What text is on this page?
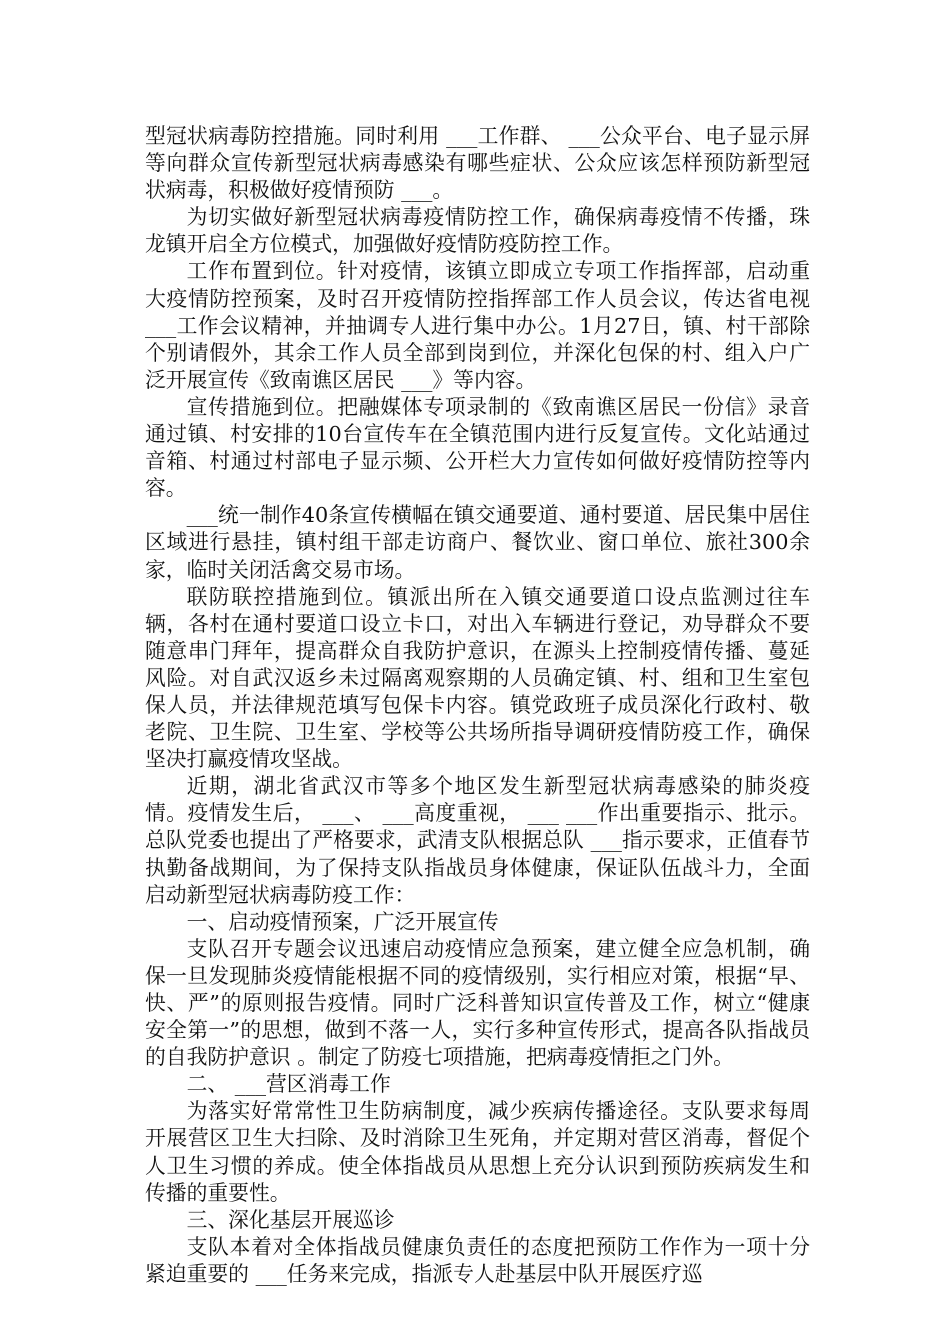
型冠状病毒防控措施。同时利用 ___工作群、 ___公众平台、电子显示屏等向群众宣传新型冠状病毒感染有哪些症状、公众应该怎样预防新型冠状病毒，积极做好疫情预防 ___。

为切实做好新型冠状病毒疫情防控工作，确保病毒疫情不传播，珠龙镇开启全方位模式，加强做好疫情防疫防控工作。

工作布置到位。针对疫情，该镇立即成立专项工作指挥部，启动重大疫情防控预案，及时召开疫情防控指挥部工作人员会议，传达省电视 ___工作会议精神，并抽调专人进行集中办公。1月27日，镇、村干部除个别请假外，其余工作人员全部到岗到位，并深化包保的村、组入户广泛开展宣传《致南谯区居民 ___》等内容。

宣传措施到位。把融媒体专项录制的《致南谯区居民一份信》录音通过镇、村安排的10台宣传车在全镇范围内进行反复宣传。文化站通过音箱、村通过村部电子显示频、公开栏大力宣传如何做好疫情防控等内容。

___统一制作40条宣传横幅在镇交通要道、通村要道、居民集中居住区域进行悬挂，镇村组干部走访商户、餐饮业、窗口单位、旅社300余家，临时关闭活禽交易市场。

联防联控措施到位。镇派出所在入镇交通要道口设点监测过往车辆，各村在通村要道口设立卡口，对出入车辆进行登记，劝导群众不要随意串门拜年，提高群众自我防护意识，在源头上控制疫情传播、蔓延风险。对自武汉返乡未过隔离观察期的人员确定镇、村、组和卫生室包保人员，并法律规范填写包保卡内容。镇党政班子成员深化行政村、敬老院、卫生院、卫生室、学校等公共场所指导调研疫情防疫工作，确保坚决打赢疫情攻坚战。

近期，湖北省武汉市等多个地区发生新型冠状病毒感染的肺炎疫情。疫情发生后， ___、 ___高度重视， ___ ___作出重要指示、批示。总队党委也提出了严格要求，武清支队根据总队 ___指示要求，正值春节执勤备战期间，为了保持支队指战员身体健康，保证队伍战斗力，全面启动新型冠状病毒防疫工作：

一、启动疫情预案，广泛开展宣传

支队召开专题会议迅速启动疫情应急预案，建立健全应急机制，确保一旦发现肺炎疫情能根据不同的疫情级别，实行相应对策，根据“早、快、严”的原则报告疫情。同时广泛科普知识宣传普及工作，树立“健康安全第一”的思想，做到不落一人，实行多种宣传形式，提高各队指战员的自我防护意识 。制定了防疫七项措施，把病毒疫情拒之门外。

二、 ___营区消毒工作

为落实好常常性卫生防病制度，减少疾病传播途径。支队要求每周开展营区卫生大扫除、及时消除卫生死角，并定期对营区消毒，督促个人卫生习惯的养成。使全体指战员从思想上充分认识到预防疾病发生和传播的重要性。

三、深化基层开展巡诊

支队本着对全体指战员健康负责任的态度把预防工作作为一项十分紧迫重要的 ___任务来完成，指派专人赴基层中队开展医疗巡
